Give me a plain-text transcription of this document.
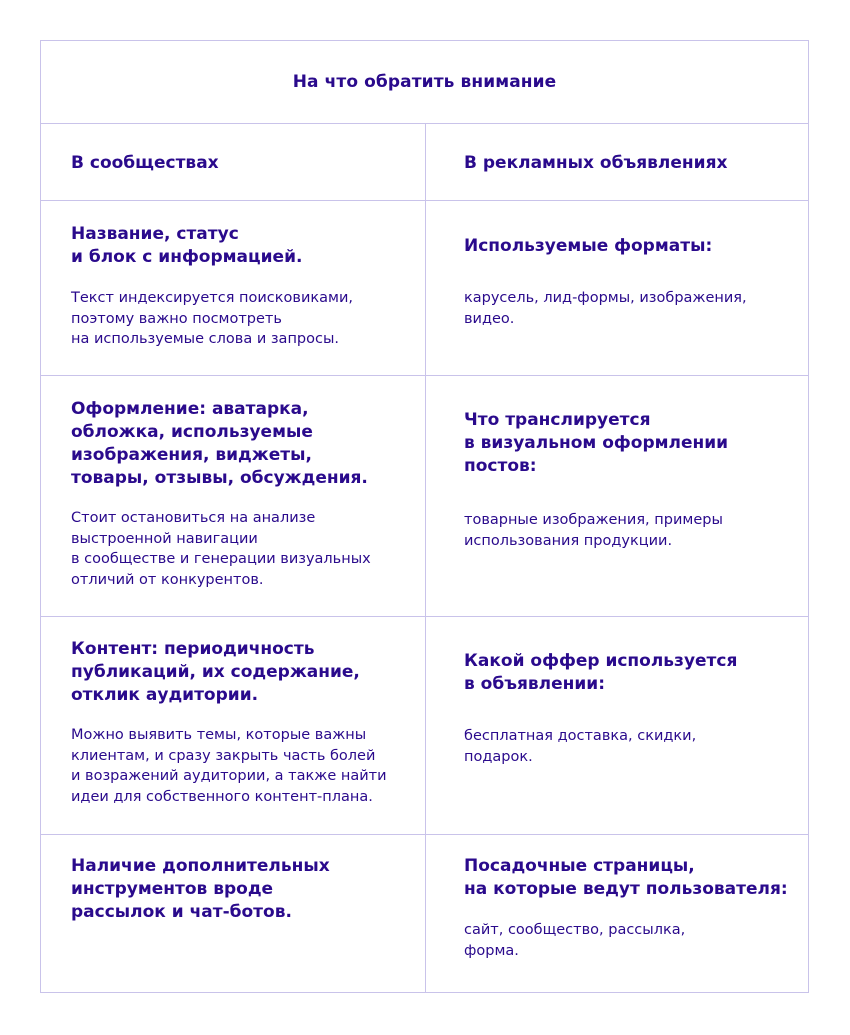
На что обратить внимание
В сообществах	В рекламных объявлениях
Название, статус
и блок с информацией.

Текст индексируется поисковиками,
поэтому важно посмотреть
на используемые слова и запросы.

Используемые форматы:

карусель, лид-формы, изображения,
видео.

Оформление: аватарка,
обложка, используемые
изображения, виджеты,
товары, отзывы, обсуждения.

Стоит остановиться на анализе
выстроенной навигации
в сообществе и генерации визуальных
отличий от конкурентов.

Что транслируется
в визуальном оформлении
постов:

товарные изображения, примеры
использования продукции.

Контент: периодичность
публикаций, их содержание,
отклик аудитории.

Можно выявить темы, которые важны
клиентам, и сразу закрыть часть болей
и возражений аудитории, а также найти
идеи для собственного контент-плана.

Какой оффер используется
в объявлении:

бесплатная доставка, скидки,
подарок.

Наличие дополнительных
инструментов вроде
рассылок и чат-ботов.
Посадочные страницы,
на которые ведут пользователя:

сайт, сообщество, рассылка,
форма.
